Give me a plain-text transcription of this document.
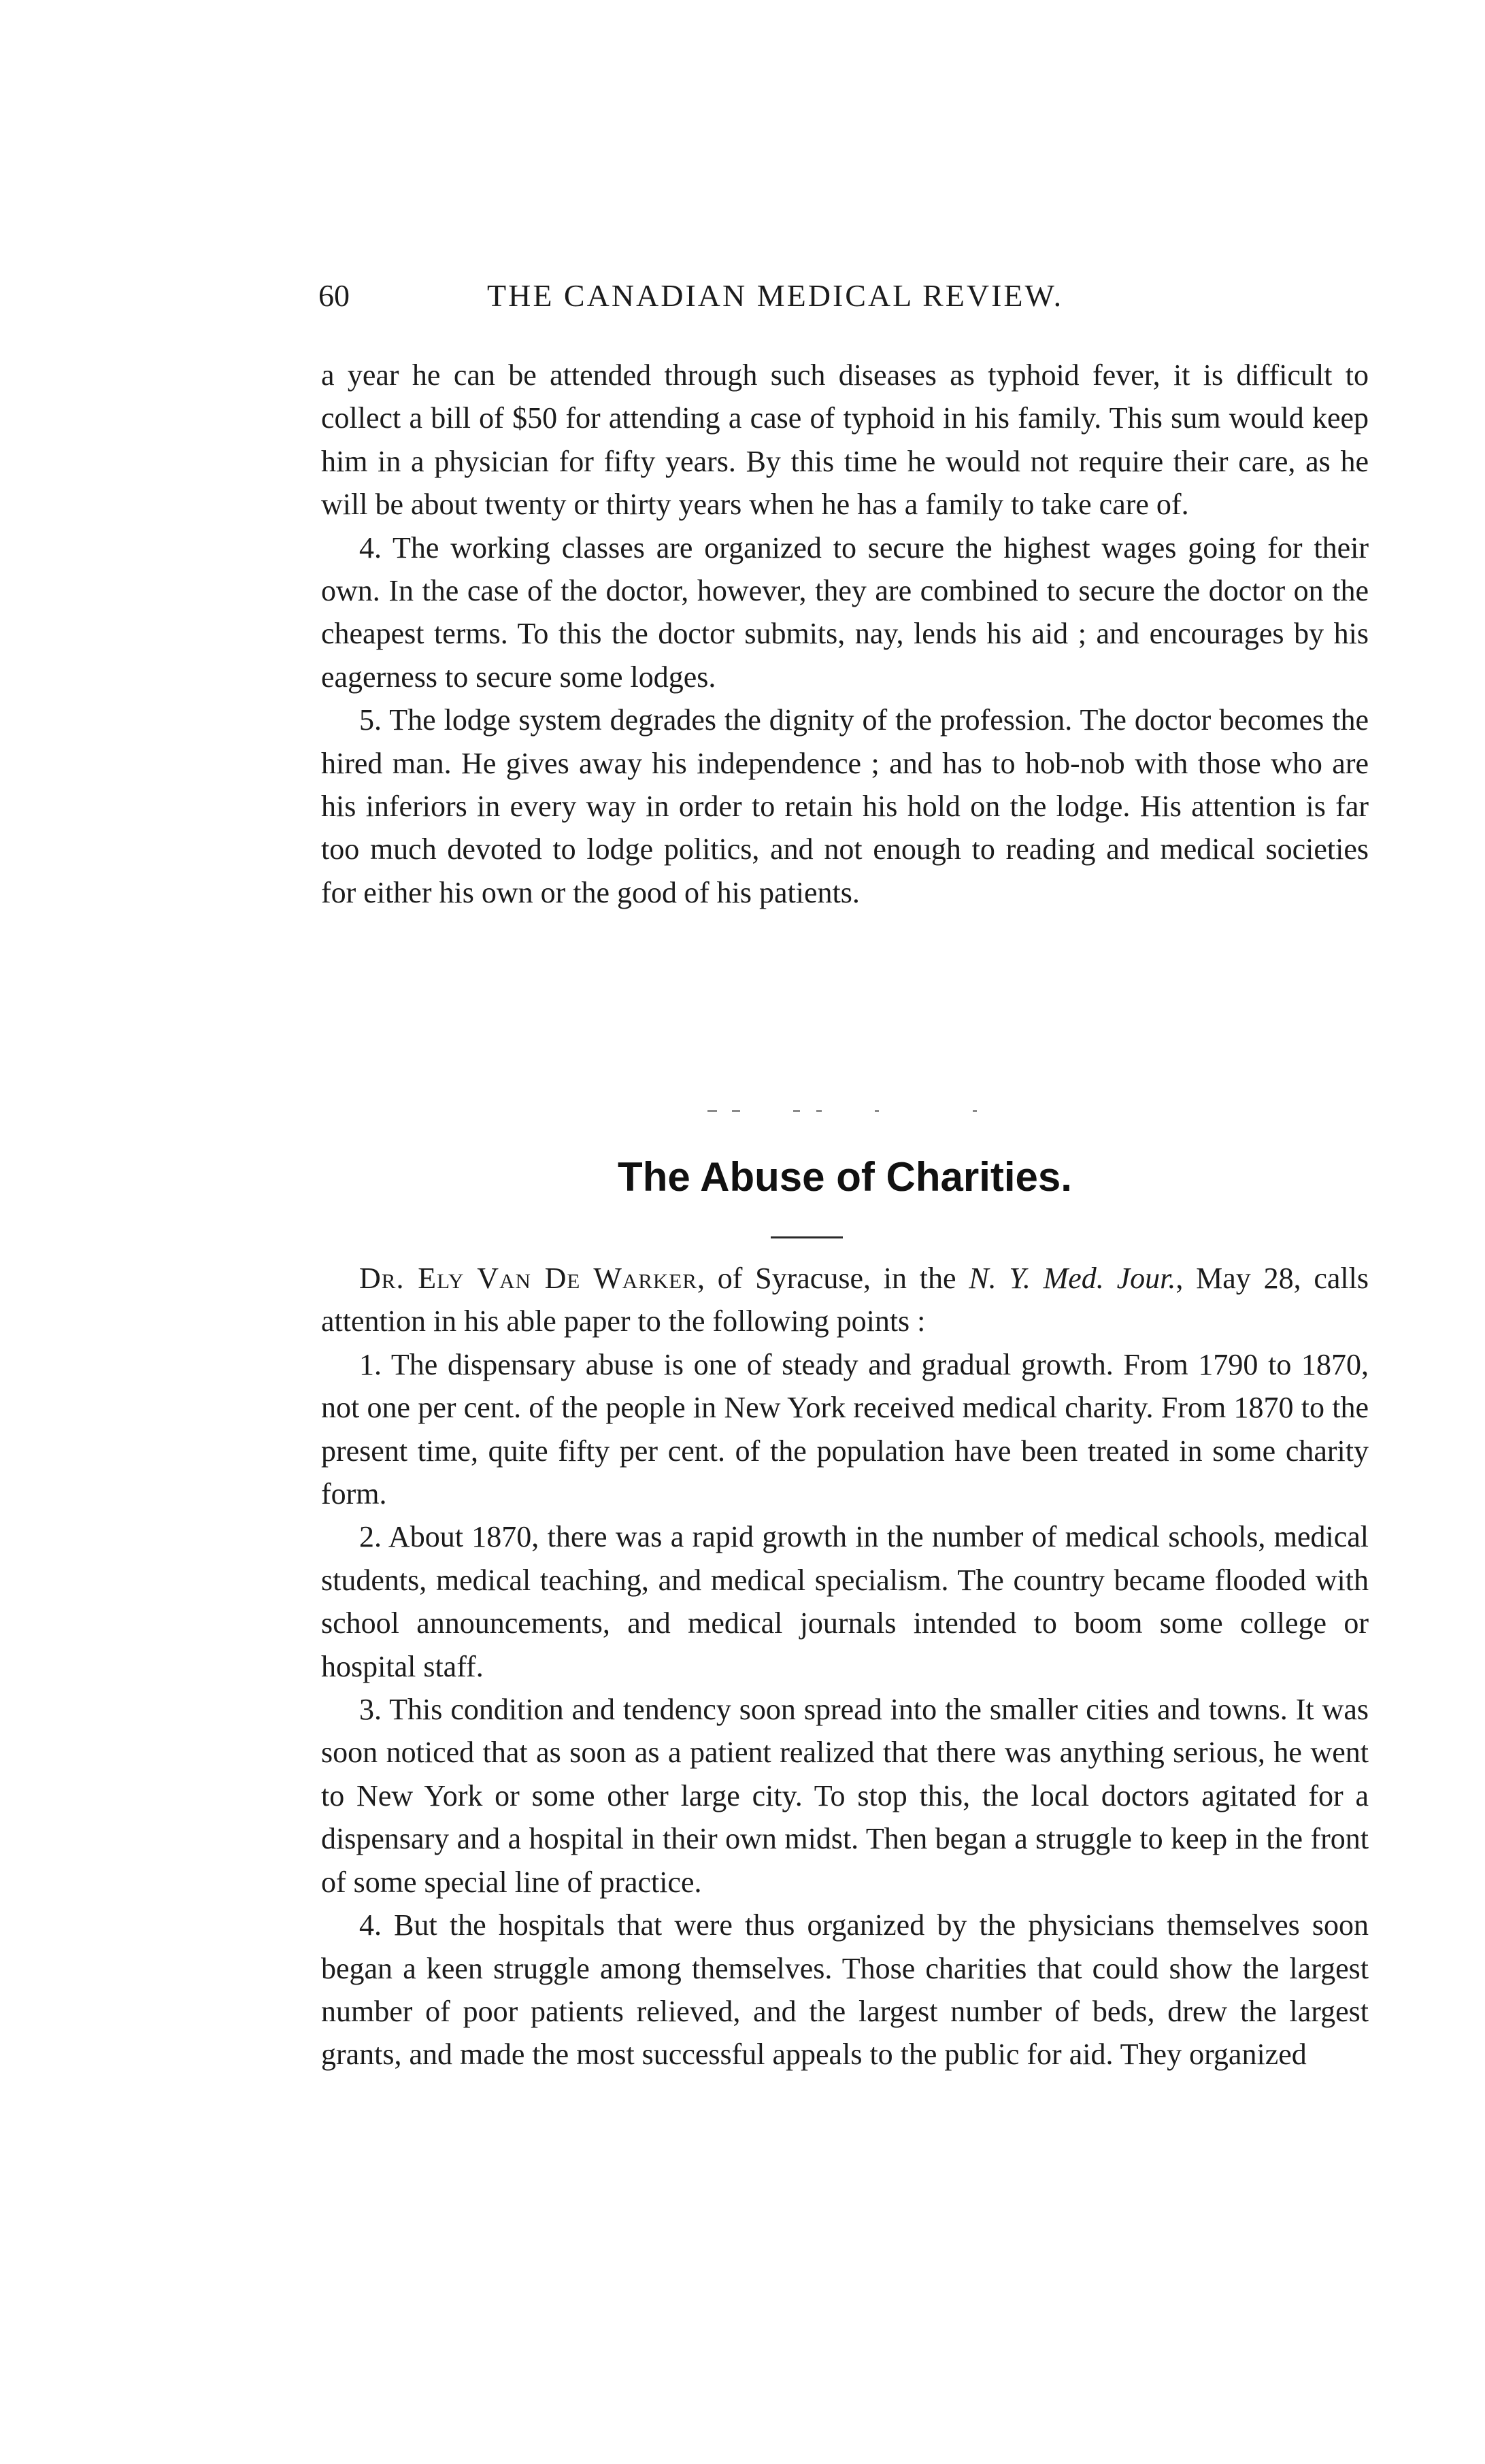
60	THE CANADIAN MEDICAL REVIEW.

a year he can be attended through such diseases as typhoid fever, it is difficult to collect a bill of $50 for attending a case of typhoid in his family. This sum would keep him in a physician for fifty years. By this time he would not require their care, as he will be about twenty or thirty years when he has a family to take care of.

4. The working classes are organized to secure the highest wages going for their own. In the case of the doctor, however, they are combined to secure the doctor on the cheapest terms. To this the doctor submits, nay, lends his aid ; and encourages by his eagerness to secure some lodges.

5. The lodge system degrades the dignity of the profession. The doctor becomes the hired man. He gives away his independence ; and has to hob-nob with those who are his inferiors in every way in order to retain his hold on the lodge. His attention is far too much devoted to lodge politics, and not enough to reading and medical societies for either his own or the good of his patients.

The Abuse of Charities.

Dr. Ely Van De Warker, of Syracuse, in the N. Y. Med. Jour., May 28, calls attention in his able paper to the following points :

1. The dispensary abuse is one of steady and gradual growth. From 1790 to 1870, not one per cent. of the people in New York received medical charity. From 1870 to the present time, quite fifty per cent. of the population have been treated in some charity form.

2. About 1870, there was a rapid growth in the number of medical schools, medical students, medical teaching, and medical specialism. The country became flooded with school announcements, and medical journals intended to boom some college or hospital staff.

3. This condition and tendency soon spread into the smaller cities and towns. It was soon noticed that as soon as a patient realized that there was anything serious, he went to New York or some other large city. To stop this, the local doctors agitated for a dispensary and a hospital in their own midst. Then began a struggle to keep in the front of some special line of practice.

4. But the hospitals that were thus organized by the physicians themselves soon began a keen struggle among themselves. Those charities that could show the largest number of poor patients relieved, and the largest number of beds, drew the largest grants, and made the most successful appeals to the public for aid. They organized
